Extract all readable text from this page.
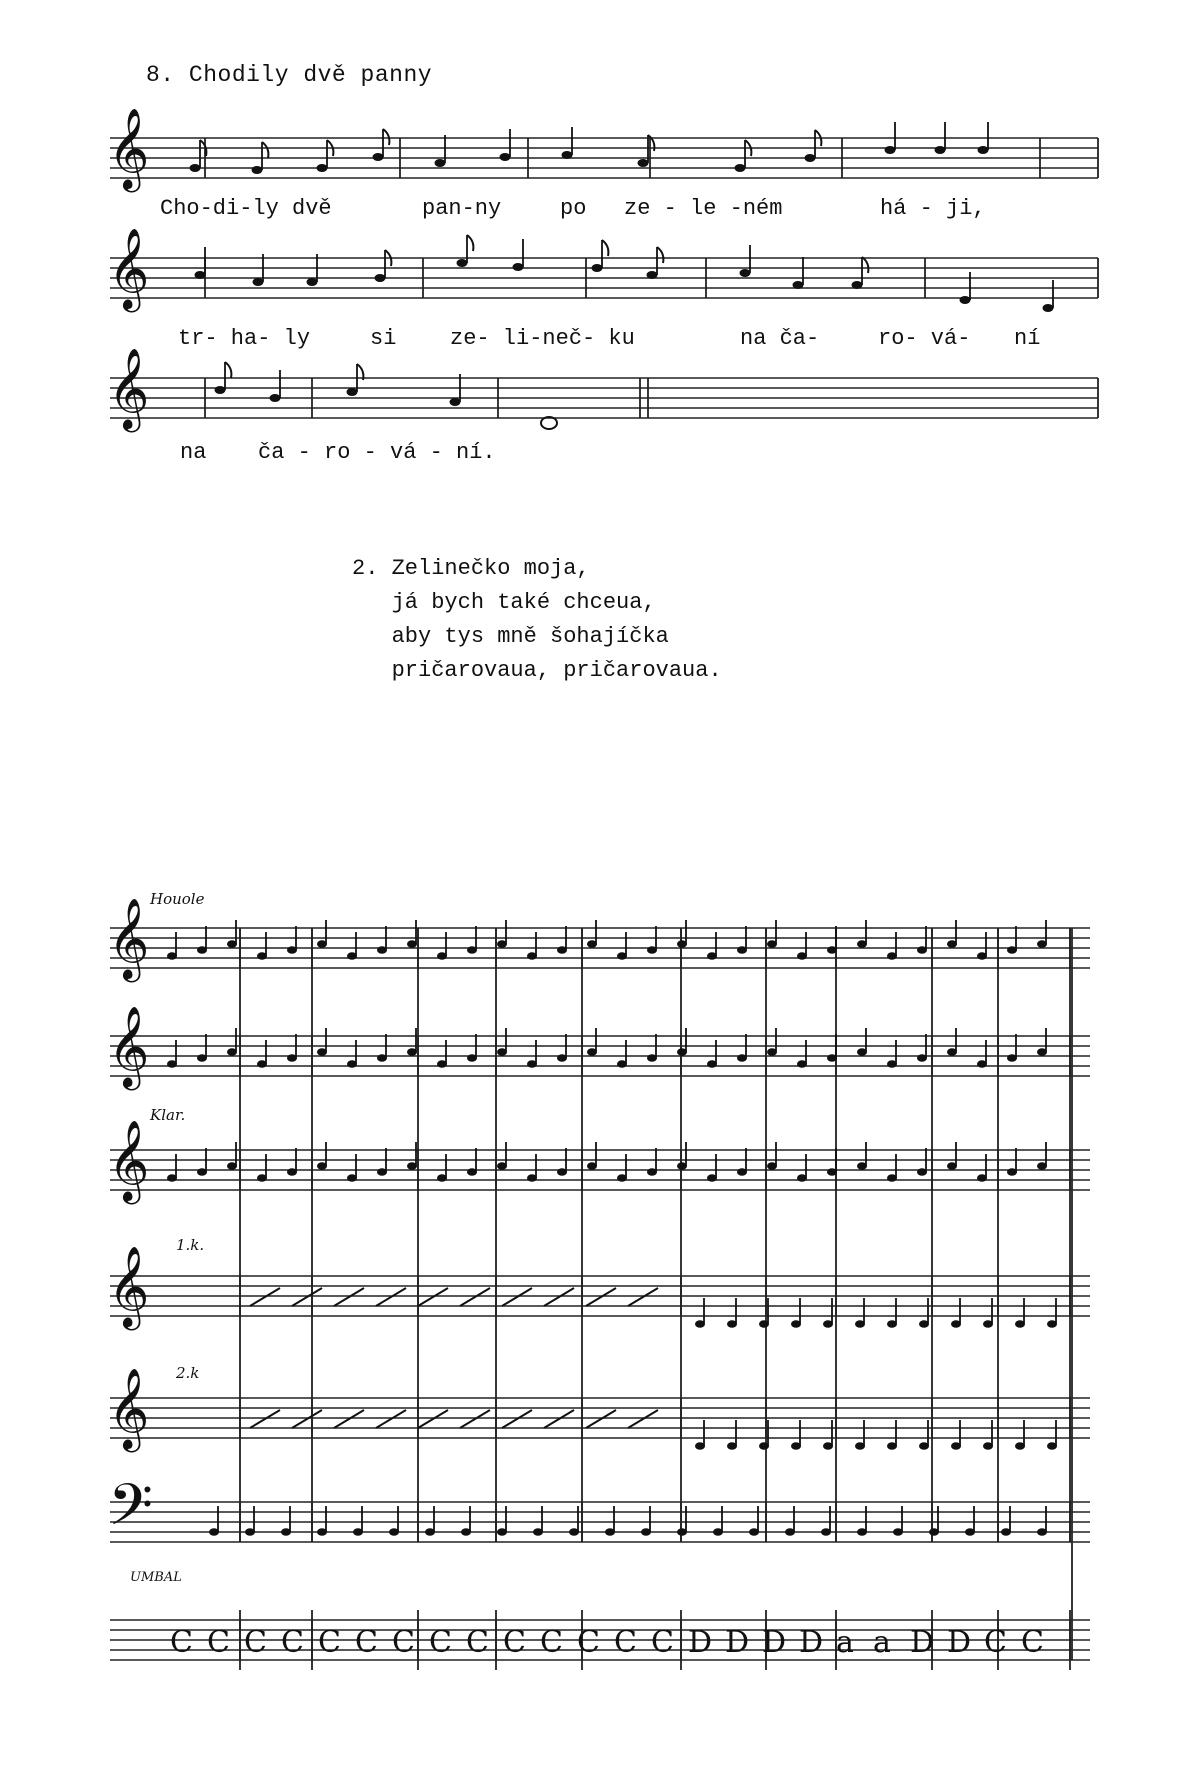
8. Chodily dvě panny
C C C C C C C C C C C C C C D D D D a a D D C C
𝄞
𝄞
𝄞
𝄞
𝄞
𝄞
𝄞
𝄞
𝄢
Cho-di-ly dvě	pan-ny	po ze - le -ném	há - ji,
tr- ha- ly	si ze- li-neč- ku	na ča-	ro- vá- ní
na ča - ro - vá - ní.
2. Zelinečko moja,
já bych také chceua,
aby tys mně šohajíčka
pričarovaua, pričarovaua.
Houole
Klar.
1.k.
2.k
UMBAL
